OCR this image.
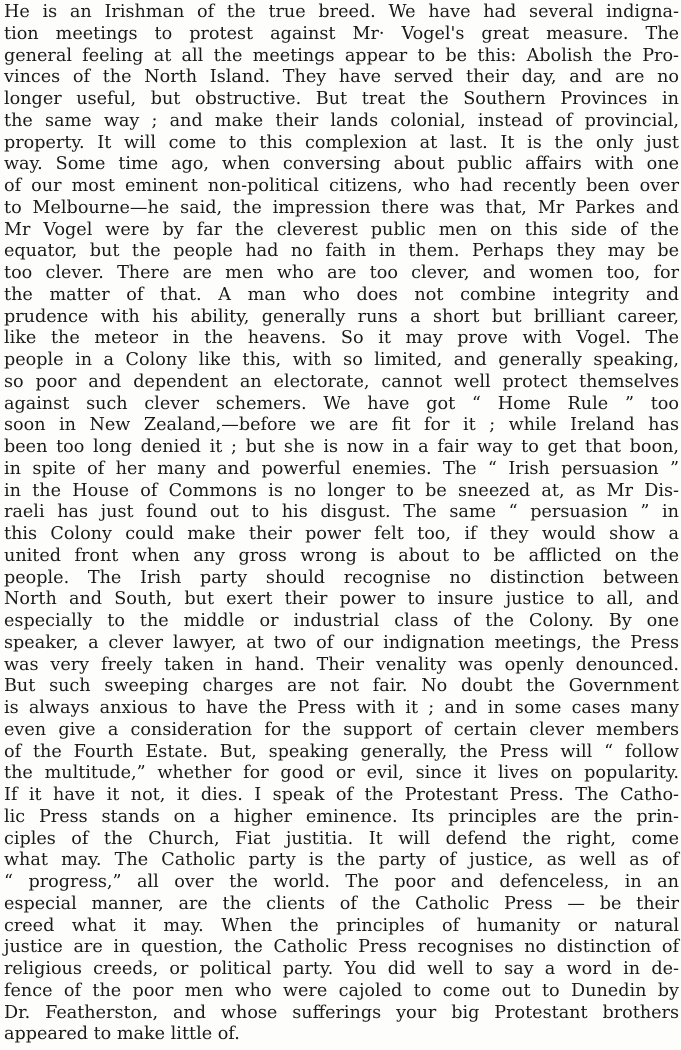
He is an Irishman of the true breed. We have had several indigna-
tion meetings to protest against Mr· Vogel's great measure. The
general feeling at all the meetings appear to be this: Abolish the Pro-
vinces of the North Island. They have served their day, and are no
longer useful, but obstructive. But treat the Southern Provinces in
the same way ; and make their lands colonial, instead of provincial,
property. It will come to this complexion at last. It is the only just
way. Some time ago, when conversing about public affairs with one
of our most eminent non-political citizens, who had recently been over
to Melbourne—he said, the impression there was that, Mr Parkes and
Mr Vogel were by far the cleverest public men on this side of the
equator, but the people had no faith in them. Perhaps they may be
too clever. There are men who are too clever, and women too, for
the matter of that. A man who does not combine integrity and
prudence with his ability, generally runs a short but brilliant career,
like the meteor in the heavens. So it may prove with Vogel. The
people in a Colony like this, with so limited, and generally speaking,
so poor and dependent an electorate, cannot well protect themselves
against such clever schemers. We have got “ Home Rule ” too
soon in New Zealand,—before we are fit for it ; while Ireland has
been too long denied it ; but she is now in a fair way to get that boon,
in spite of her many and powerful enemies. The “ Irish persuasion ”
in the House of Commons is no longer to be sneezed at, as Mr Dis-
raeli has just found out to his disgust. The same “ persuasion ” in
this Colony could make their power felt too, if they would show a
united front when any gross wrong is about to be afflicted on the
people. The Irish party should recognise no distinction between
North and South, but exert their power to insure justice to all, and
especially to the middle or industrial class of the Colony. By one
speaker, a clever lawyer, at two of our indignation meetings, the Press
was very freely taken in hand. Their venality was openly denounced.
But such sweeping charges are not fair. No doubt the Government
is always anxious to have the Press with it ; and in some cases many
even give a consideration for the support of certain clever members
of the Fourth Estate. But, speaking generally, the Press will “ follow
the multitude,” whether for good or evil, since it lives on popularity.
If it have it not, it dies. I speak of the Protestant Press. The Catho-
lic Press stands on a higher eminence. Its principles are the prin-
ciples of the Church, Fiat justitia. It will defend the right, come
what may. The Catholic party is the party of justice, as well as of
“ progress,” all over the world. The poor and defenceless, in an
especial manner, are the clients of the Catholic Press — be their
creed what it may. When the principles of humanity or natural
justice are in question, the Catholic Press recognises no distinction of
religious creeds, or political party. You did well to say a word in de-
fence of the poor men who were cajoled to come out to Dunedin by
Dr. Featherston, and whose sufferings your big Protestant brothers
appeared to make little of.
